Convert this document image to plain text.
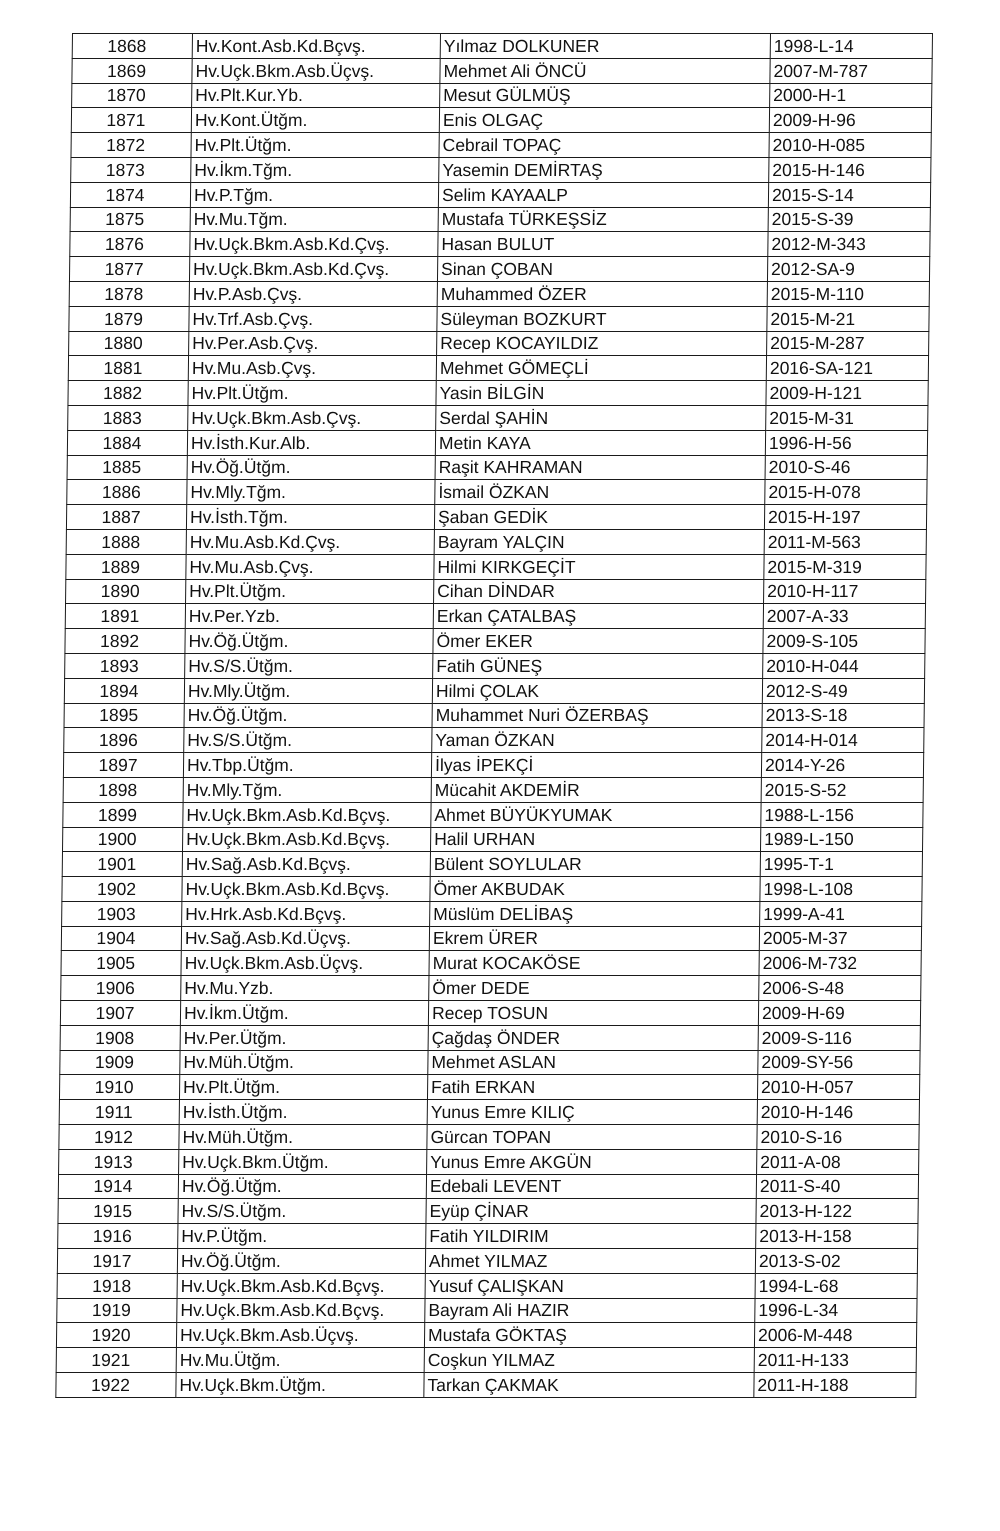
1868	Hv.Kont.Asb.Kd.Bçvş.	Yılmaz DOLKUNER	1998-L-14
1869	Hv.Uçk.Bkm.Asb.Üçvş.	Mehmet Ali ÖNCÜ	2007-M-787
1870	Hv.Plt.Kur.Yb.	Mesut GÜLMÜŞ	2000-H-1
1871	Hv.Kont.Ütğm.	Enis OLGAÇ	2009-H-96
1872	Hv.Plt.Ütğm.	Cebrail TOPAÇ	2010-H-085
1873	Hv.İkm.Tğm.	Yasemin DEMİRTAŞ	2015-H-146
1874	Hv.P.Tğm.	Selim KAYAALP	2015-S-14
1875	Hv.Mu.Tğm.	Mustafa TÜRKEŞSİZ	2015-S-39
1876	Hv.Uçk.Bkm.Asb.Kd.Çvş.	Hasan BULUT	2012-M-343
1877	Hv.Uçk.Bkm.Asb.Kd.Çvş.	Sinan ÇOBAN	2012-SA-9
1878	Hv.P.Asb.Çvş.	Muhammed ÖZER	2015-M-110
1879	Hv.Trf.Asb.Çvş.	Süleyman BOZKURT	2015-M-21
1880	Hv.Per.Asb.Çvş.	Recep KOCAYILDIZ	2015-M-287
1881	Hv.Mu.Asb.Çvş.	Mehmet GÖMEÇLİ	2016-SA-121
1882	Hv.Plt.Ütğm.	Yasin BİLGİN	2009-H-121
1883	Hv.Uçk.Bkm.Asb.Çvş.	Serdal ŞAHİN	2015-M-31
1884	Hv.İsth.Kur.Alb.	Metin KAYA	1996-H-56
1885	Hv.Öğ.Ütğm.	Raşit KAHRAMAN	2010-S-46
1886	Hv.Mly.Tğm.	İsmail ÖZKAN	2015-H-078
1887	Hv.İsth.Tğm.	Şaban GEDİK	2015-H-197
1888	Hv.Mu.Asb.Kd.Çvş.	Bayram YALÇIN	2011-M-563
1889	Hv.Mu.Asb.Çvş.	Hilmi KIRKGEÇİT	2015-M-319
1890	Hv.Plt.Ütğm.	Cihan DİNDAR	2010-H-117
1891	Hv.Per.Yzb.	Erkan ÇATALBAŞ	2007-A-33
1892	Hv.Öğ.Ütğm.	Ömer EKER	2009-S-105
1893	Hv.S/S.Ütğm.	Fatih GÜNEŞ	2010-H-044
1894	Hv.Mly.Ütğm.	Hilmi ÇOLAK	2012-S-49
1895	Hv.Öğ.Ütğm.	Muhammet Nuri ÖZERBAŞ	2013-S-18
1896	Hv.S/S.Ütğm.	Yaman ÖZKAN	2014-H-014
1897	Hv.Tbp.Ütğm.	İlyas İPEKÇİ	2014-Y-26
1898	Hv.Mly.Tğm.	Mücahit AKDEMİR	2015-S-52
1899	Hv.Uçk.Bkm.Asb.Kd.Bçvş.	Ahmet BÜYÜKYUMAK	1988-L-156
1900	Hv.Uçk.Bkm.Asb.Kd.Bçvş.	Halil URHAN	1989-L-150
1901	Hv.Sağ.Asb.Kd.Bçvş.	Bülent SOYLULAR	1995-T-1
1902	Hv.Uçk.Bkm.Asb.Kd.Bçvş.	Ömer AKBUDAK	1998-L-108
1903	Hv.Hrk.Asb.Kd.Bçvş.	Müslüm DELİBAŞ	1999-A-41
1904	Hv.Sağ.Asb.Kd.Üçvş.	Ekrem ÜRER	2005-M-37
1905	Hv.Uçk.Bkm.Asb.Üçvş.	Murat KOCAKÖSE	2006-M-732
1906	Hv.Mu.Yzb.	Ömer DEDE	2006-S-48
1907	Hv.İkm.Ütğm.	Recep TOSUN	2009-H-69
1908	Hv.Per.Ütğm.	Çağdaş ÖNDER	2009-S-116
1909	Hv.Müh.Ütğm.	Mehmet ASLAN	2009-SY-56
1910	Hv.Plt.Ütğm.	Fatih ERKAN	2010-H-057
1911	Hv.İsth.Ütğm.	Yunus Emre KILIÇ	2010-H-146
1912	Hv.Müh.Ütğm.	Gürcan TOPAN	2010-S-16
1913	Hv.Uçk.Bkm.Ütğm.	Yunus Emre AKGÜN	2011-A-08
1914	Hv.Öğ.Ütğm.	Edebali LEVENT	2011-S-40
1915	Hv.S/S.Ütğm.	Eyüp ÇİNAR	2013-H-122
1916	Hv.P.Ütğm.	Fatih YILDIRIM	2013-H-158
1917	Hv.Öğ.Ütğm.	Ahmet YILMAZ	2013-S-02
1918	Hv.Uçk.Bkm.Asb.Kd.Bçvş.	Yusuf ÇALIŞKAN	1994-L-68
1919	Hv.Uçk.Bkm.Asb.Kd.Bçvş.	Bayram Ali HAZIR	1996-L-34
1920	Hv.Uçk.Bkm.Asb.Üçvş.	Mustafa GÖKTAŞ	2006-M-448
1921	Hv.Mu.Ütğm.	Coşkun YILMAZ	2011-H-133
1922	Hv.Uçk.Bkm.Ütğm.	Tarkan ÇAKMAK	2011-H-188
